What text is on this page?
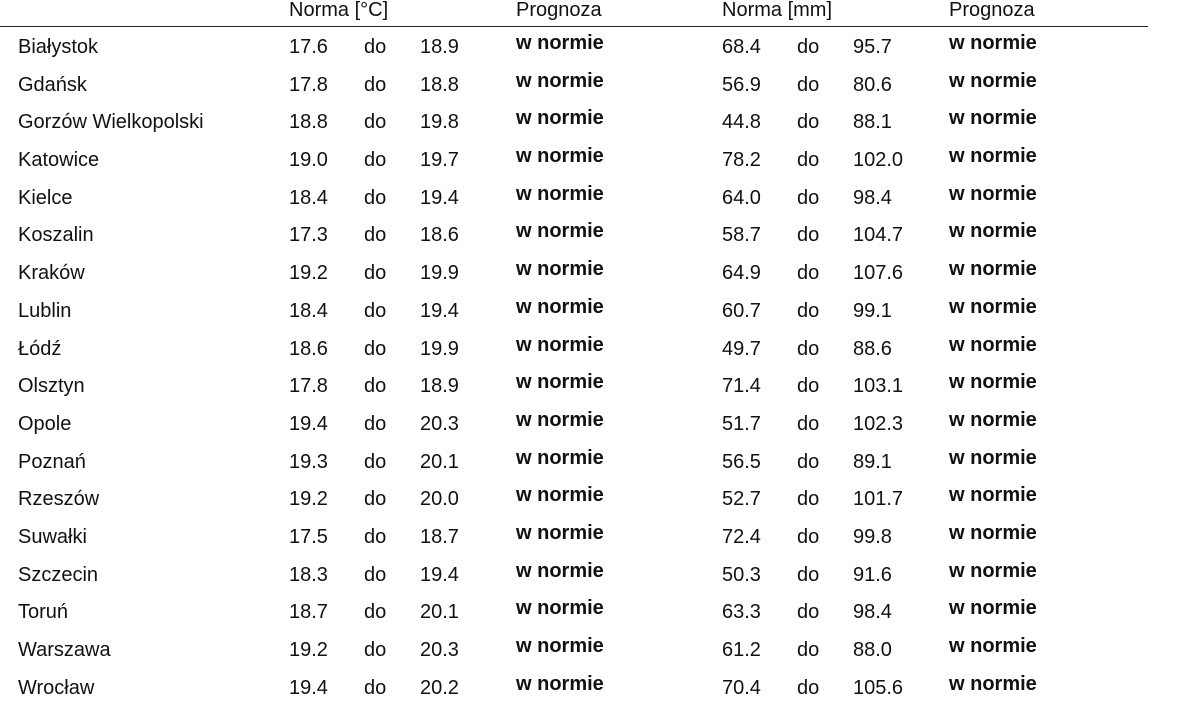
Norma [°C]	Prognoza	Norma [mm]	Prognoza
Białystok	17.6 do 18.9	w normie	68.4 do 95.7	w normie
Gdańsk	17.8 do 18.8	w normie	56.9 do 80.6	w normie
Gorzów Wielkopolski	18.8 do 19.8	w normie	44.8 do 88.1	w normie
Katowice	19.0 do 19.7	w normie	78.2 do 102.0 w normie
Kielce	18.4 do 19.4	w normie	64.0 do 98.4	w normie
Koszalin	17.3 do 18.6	w normie	58.7 do 104.7 w normie
Kraków	19.2 do 19.9	w normie	64.9 do 107.6 w normie
Lublin	18.4 do 19.4	w normie	60.7 do 99.1	w normie
Łódź	18.6 do 19.9	w normie	49.7 do 88.6	w normie
Olsztyn	17.8 do 18.9	w normie	71.4 do 103.1 w normie
Opole	19.4 do 20.3	w normie	51.7 do 102.3 w normie
Poznań	19.3 do 20.1	w normie	56.5 do 89.1	w normie
Rzeszów	19.2 do 20.0	w normie	52.7 do 101.7 w normie
Suwałki	17.5 do 18.7	w normie	72.4 do 99.8	w normie
Szczecin	18.3 do 19.4	w normie	50.3 do 91.6	w normie
Toruń	18.7 do 20.1	w normie	63.3 do 98.4	w normie
Warszawa	19.2 do 20.3	w normie	61.2 do 88.0	w normie
Wrocław	19.4 do 20.2	w normie	70.4 do 105.6 w normie
